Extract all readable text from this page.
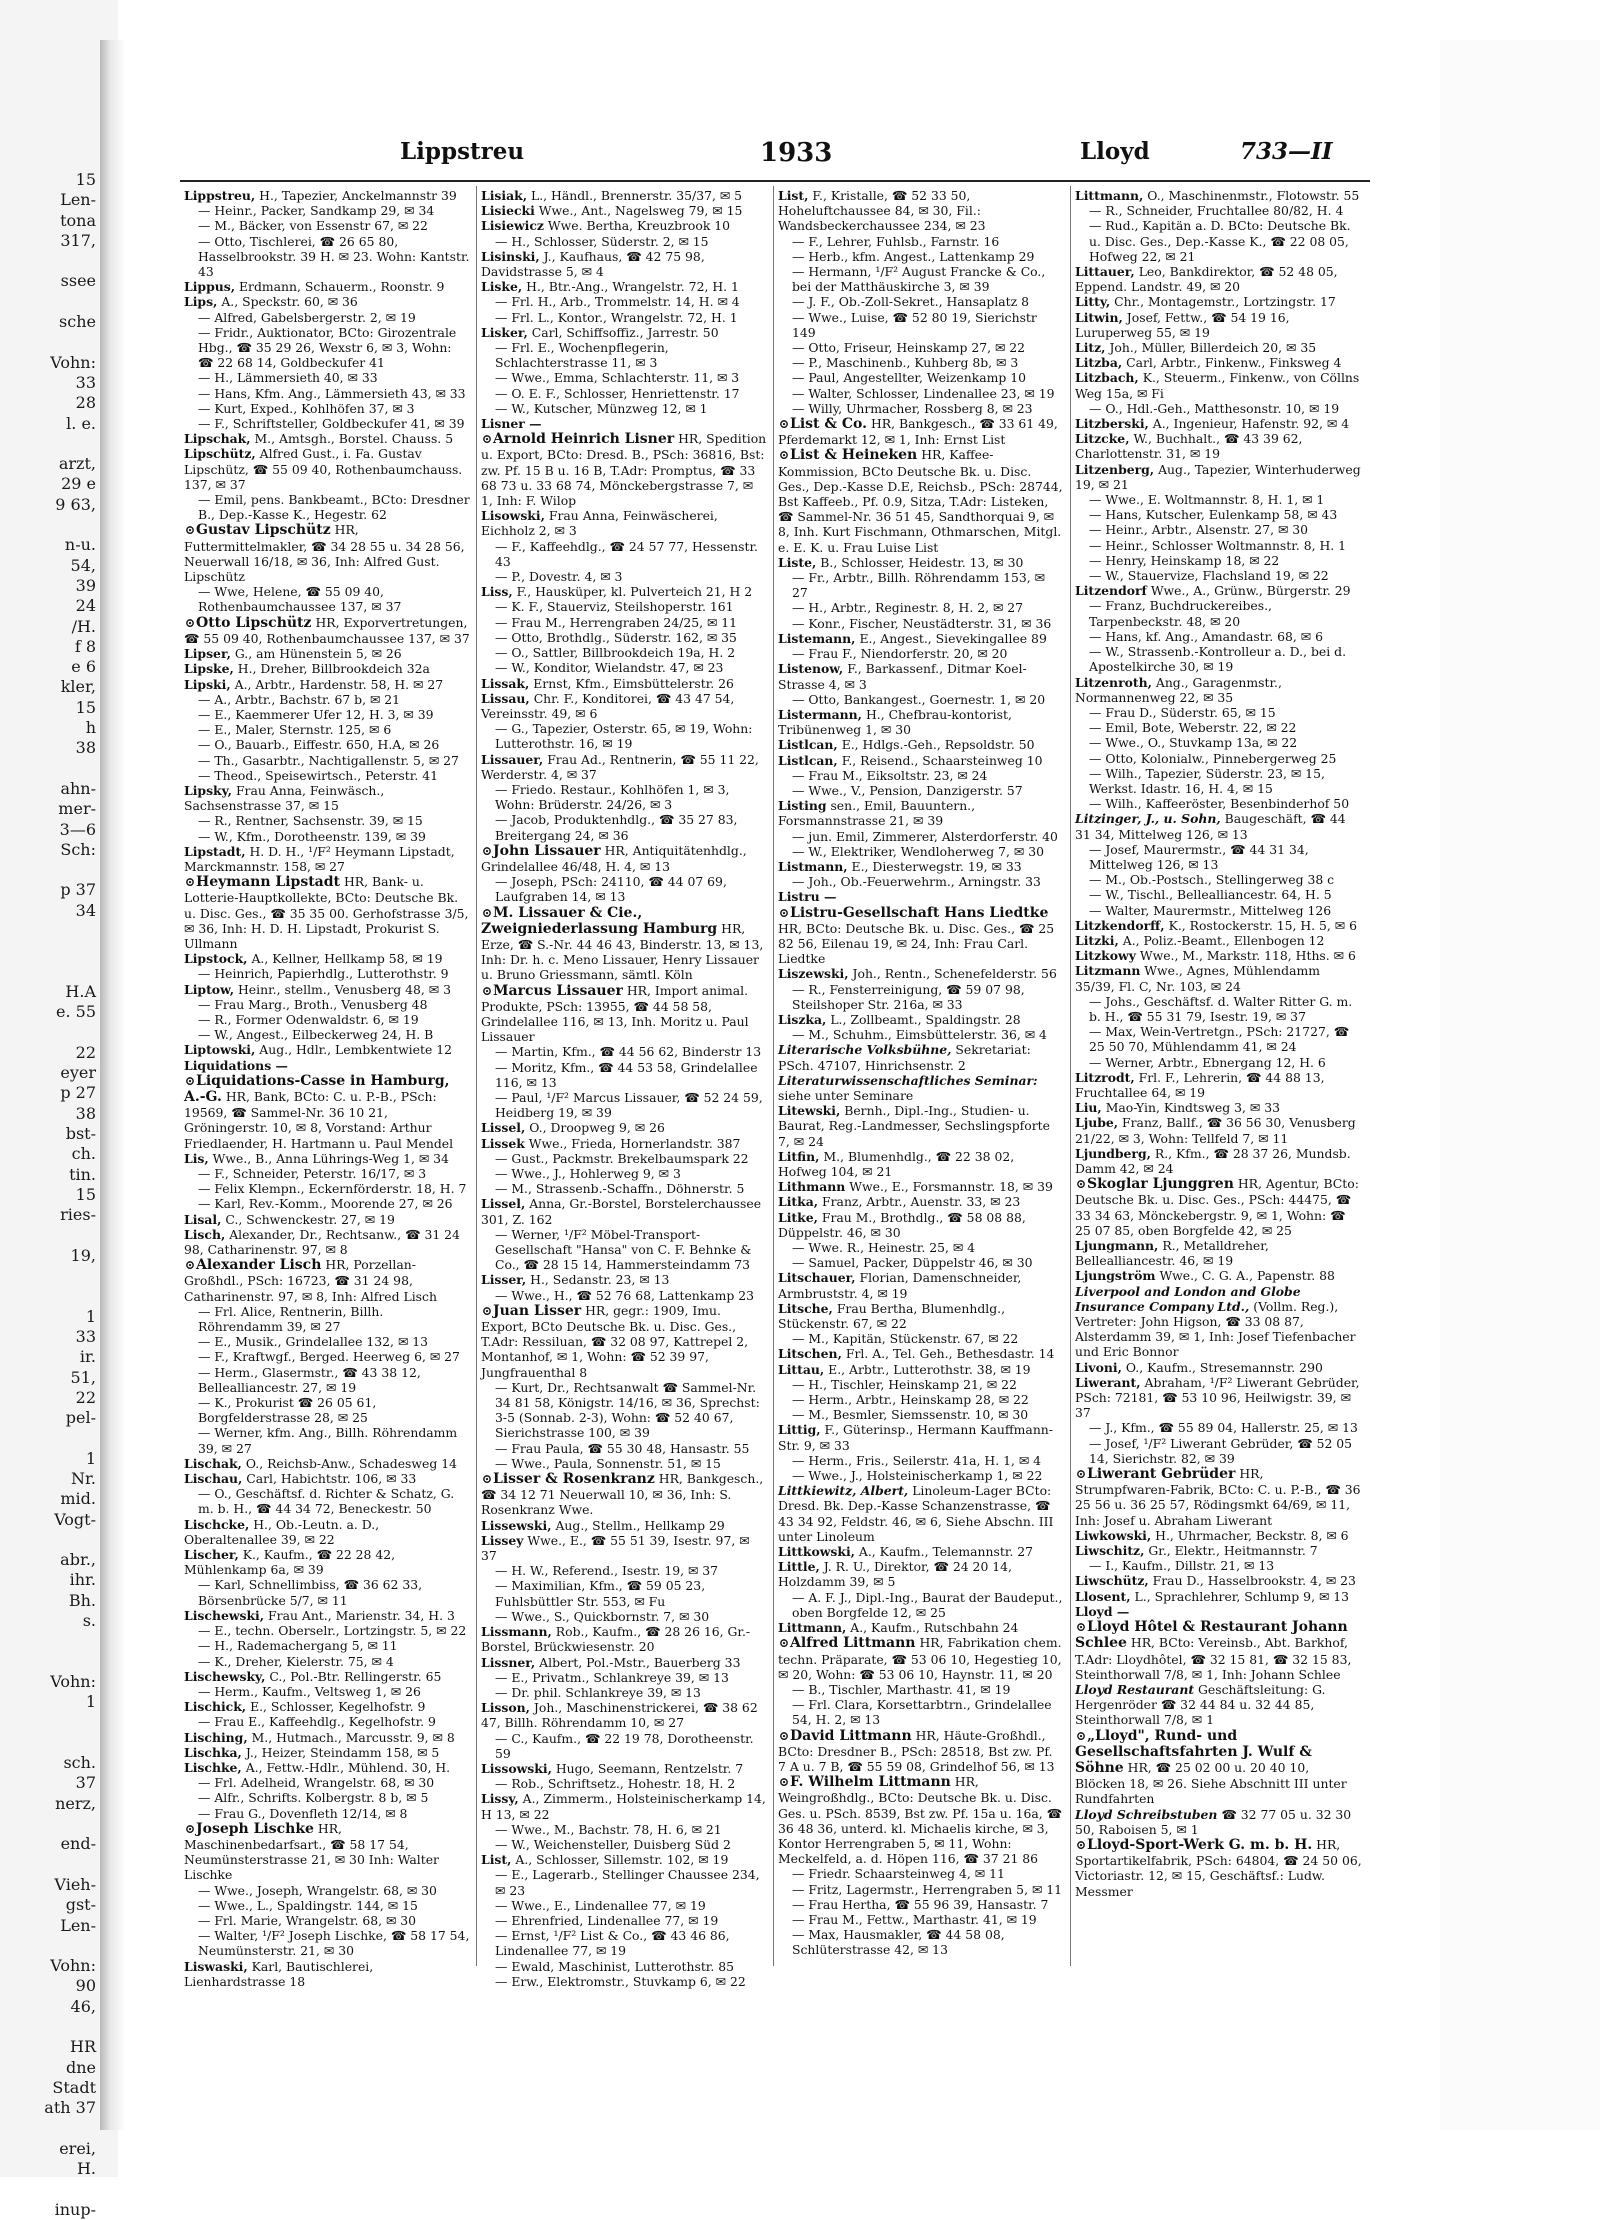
15
Len-
tona
317,

ssee

sche

Vohn:
33
28
l. e.

arzt,
29 e
9 63,

n-u.
54,
39
24
/H.
f 8
e 6
kler,
15
h
38

ahn-
mer-
3—6
Sch:

p 37
34

H.A
e. 55

22
eyer
p 27
38
bst-
ch.
tin.
15
ries-

19,

1
33
ir.
51,
22
pel-

1
Nr.
mid.
Vogt-

abr.,
ihr.
Bh.
s.

Vohn:
1

sch.
37
nerz,

end-

Vieh-
gst-
Len-

Vohn:
90
46,

HR
dne
Stadt
ath 37

erei,
H.

inup-
Lippstreu	1933	Lloyd	733—II

Lippstreu, H., Tapezier, Anckelmannstr 39

— Heinr., Packer, Sandkamp 29, ✉ 34

— M., Bäcker, von Essenstr 67, ✉ 22

— Otto, Tischlerei, ☎ 26 65 80, Hasselbrookstr. 39 H. ✉ 23. Wohn: Kantstr. 43

Lippus, Erdmann, Schauerm., Roonstr. 9

Lips, A., Speckstr. 60, ✉ 36

— Alfred, Gabelsbergerstr. 2, ✉ 19

— Fridr., Auktionator, BCto: Girozentrale Hbg., ☎ 35 29 26, Wexstr 6, ✉ 3, Wohn: ☎ 22 68 14, Goldbeckufer 41

— H., Lämmersieth 40, ✉ 33

— Hans, Kfm. Ang., Lämmersieth 43, ✉ 33

— Kurt, Exped., Kohlhöfen 37, ✉ 3

— F., Schriftsteller, Goldbeckufer 41, ✉ 39

Lipschak, M., Amtsgh., Borstel. Chauss. 5

Lipschütz, Alfred Gust., i. Fa. Gustav Lipschütz, ☎ 55 09 40, Rothenbaumchauss. 137, ✉ 37

— Emil, pens. Bankbeamt., BCto: Dresdner B., Dep.-Kasse K., Hegestr. 62

⊙Gustav Lipschütz HR, Futtermittelmakler, ☎ 34 28 55 u. 34 28 56, Neuerwall 16/18, ✉ 36, Inh: Alfred Gust. Lipschütz

— Wwe, Helene, ☎ 55 09 40, Rothenbaumchaussee 137, ✉ 37

⊙Otto Lipschütz HR, Exporvertretungen, ☎ 55 09 40, Rothenbaumchaussee 137, ✉ 37

Lipser, G., am Hünenstein 5, ✉ 26

Lipske, H., Dreher, Billbrookdeich 32a

Lipski, A., Arbtr., Hardenstr. 58, H. ✉ 27

— A., Arbtr., Bachstr. 67 b, ✉ 21

— E., Kaemmerer Ufer 12, H. 3, ✉ 39

— E., Maler, Sternstr. 125, ✉ 6

— O., Bauarb., Eiffestr. 650, H.A, ✉ 26

— Th., Gasarbtr., Nachtigallenstr. 5, ✉ 27

— Theod., Speisewirtsch., Peterstr. 41

Lipsky, Frau Anna, Feinwäsch., Sachsenstrasse 37, ✉ 15

— R., Rentner, Sachsenstr. 39, ✉ 15

— W., Kfm., Dorotheenstr. 139, ✉ 39

Lipstadt, H. D. H., ¹/F² Heymann Lipstadt, Marckmannstr. 158, ✉ 27

⊙Heymann Lipstadt HR, Bank- u. Lotterie-Hauptkollekte, BCto: Deutsche Bk. u. Disc. Ges., ☎ 35 35 00. Gerhofstrasse 3/5, ✉ 36, Inh: H. D. H. Lipstadt, Prokurist S. Ullmann

Lipstock, A., Kellner, Hellkamp 58, ✉ 19

— Heinrich, Papierhdlg., Lutterothstr. 9

Liptow, Heinr., stellm., Venusberg 48, ✉ 3

— Frau Marg., Broth., Venusberg 48

— R., Former Odenwaldstr. 6, ✉ 19

— W., Angest., Eilbeckerweg 24, H. B

Liptowski, Aug., Hdlr., Lembkentwiete 12

Liquidations —

⊙Liquidations-Casse in Hamburg, A.-G. HR, Bank, BCto: C. u. P.-B., PSch: 19569, ☎ Sammel-Nr. 36 10 21, Gröningerstr. 10, ✉ 8, Vorstand: Arthur Friedlaender, H. Hartmann u. Paul Mendel

Lis, Wwe., B., Anna Lührings-Weg 1, ✉ 34

— F., Schneider, Peterstr. 16/17, ✉ 3

— Felix Klempn., Eckernförderstr. 18, H. 7

— Karl, Rev.-Komm., Moorende 27, ✉ 26

Lisal, C., Schwenckestr. 27, ✉ 19

Lisch, Alexander, Dr., Rechtsanw., ☎ 31 24 98, Catharinenstr. 97, ✉ 8

⊙Alexander Lisch HR, Porzellan-Großhdl., PSch: 16723, ☎ 31 24 98, Catharinenstr. 97, ✉ 8, Inh: Alfred Lisch

— Frl. Alice, Rentnerin, Billh. Röhrendamm 39, ✉ 27

— E., Musik., Grindelallee 132, ✉ 13

— F., Kraftwgf., Berged. Heerweg 6, ✉ 27

— Herm., Glasermstr., ☎ 43 38 12, Bellealliancestr. 27, ✉ 19

— K., Prokurist ☎ 26 05 61, Borgfelderstrasse 28, ✉ 25

— Werner, kfm. Ang., Billh. Röhrendamm 39, ✉ 27

Lischak, O., Reichsb-Anw., Schadesweg 14

Lischau, Carl, Habichtstr. 106, ✉ 33

— O., Geschäftsf. d. Richter & Schatz, G. m. b. H., ☎ 44 34 72, Beneckestr. 50

Lischcke, H., Ob.-Leutn. a. D., Oberaltenallee 39, ✉ 22

Lischer, K., Kaufm., ☎ 22 28 42, Mühlenkamp 6a, ✉ 39

— Karl, Schnellimbiss, ☎ 36 62 33, Börsenbrücke 5/7, ✉ 11

Lischewski, Frau Ant., Marienstr. 34, H. 3

— E., techn. Oberselr., Lortzingstr. 5, ✉ 22

— H., Rademachergang 5, ✉ 11

— K., Dreher, Kielerstr. 75, ✉ 4

Lischewsky, C., Pol.-Btr. Rellingerstr. 65

— Herm., Kaufm., Veltsweg 1, ✉ 26

Lischick, E., Schlosser, Kegelhofstr. 9

— Frau E., Kaffeehdlg., Kegelhofstr. 9

Lisching, M., Hutmach., Marcusstr. 9, ✉ 8

Lischka, J., Heizer, Steindamm 158, ✉ 5

Lischke, A., Fettw.-Hdlr., Mühlend. 30, H.

— Frl. Adelheid, Wrangelstr. 68, ✉ 30

— Alfr., Schrifts. Kolbergstr. 8 b, ✉ 5

— Frau G., Dovenfleth 12/14, ✉ 8

⊙Joseph Lischke HR, Maschinenbedarfsart., ☎ 58 17 54, Neumünsterstrasse 21, ✉ 30 Inh: Walter Lischke

— Wwe., Joseph, Wrangelstr. 68, ✉ 30

— Wwe., L., Spaldingstr. 144, ✉ 15

— Frl. Marie, Wrangelstr. 68, ✉ 30

— Walter, ¹/F² Joseph Lischke, ☎ 58 17 54, Neumünsterstr. 21, ✉ 30

Liswaski, Karl, Bautischlerei, Lienhardstrasse 18

Lisiak, L., Händl., Brennerstr. 35/37, ✉ 5

Lisiecki Wwe., Ant., Nagelsweg 79, ✉ 15

Lisiewicz Wwe. Bertha, Kreuzbrook 10

— H., Schlosser, Süderstr. 2, ✉ 15

Lisinski, J., Kaufhaus, ☎ 42 75 98, Davidstrasse 5, ✉ 4

Liske, H., Btr.-Ang., Wrangelstr. 72, H. 1

— Frl. H., Arb., Trommelstr. 14, H. ✉ 4

— Frl. L., Kontor., Wrangelstr. 72, H. 1

Lisker, Carl, Schiffsoffiz., Jarrestr. 50

— Frl. E., Wochenpflegerin, Schlachterstrasse 11, ✉ 3

— Wwe., Emma, Schlachterstr. 11, ✉ 3

— O. E. F., Schlosser, Henriettenstr. 17

— W., Kutscher, Münzweg 12, ✉ 1

Lisner —

⊙Arnold Heinrich Lisner HR, Spedition u. Export, BCto: Dresd. B., PSch: 36816, Bst: zw. Pf. 15 B u. 16 B, T.Adr: Promptus, ☎ 33 68 73 u. 33 68 74, Mönckebergstrasse 7, ✉ 1, Inh: F. Wilop

Lisowski, Frau Anna, Feinwäscherei, Eichholz 2, ✉ 3

— F., Kaffeehdlg., ☎ 24 57 77, Hessenstr. 43

— P., Dovestr. 4, ✉ 3

Liss, F., Hausküper, kl. Pulverteich 21, H 2

— K. F., Stauerviz, Steilshoperstr. 161

— Frau M., Herrengraben 24/25, ✉ 11

— Otto, Brothdlg., Süderstr. 162, ✉ 35

— O., Sattler, Billbrookdeich 19a, H. 2

— W., Konditor, Wielandstr. 47, ✉ 23

Lissak, Ernst, Kfm., Eimsbüttelerstr. 26

Lissau, Chr. F., Konditorei, ☎ 43 47 54, Vereinsstr. 49, ✉ 6

— G., Tapezier, Osterstr. 65, ✉ 19, Wohn: Lutterothstr. 16, ✉ 19

Lissauer, Frau Ad., Rentnerin, ☎ 55 11 22, Werderstr. 4, ✉ 37

— Friedo. Restaur., Kohlhöfen 1, ✉ 3, Wohn: Brüderstr. 24/26, ✉ 3

— Jacob, Produktenhdlg., ☎ 35 27 83, Breitergang 24, ✉ 36

⊙John Lissauer HR, Antiquitätenhdlg., Grindelallee 46/48, H. 4, ✉ 13

— Joseph, PSch: 24110, ☎ 44 07 69, Laufgraben 14, ✉ 13

⊙M. Lissauer & Cie., Zweigniederlassung Hamburg HR, Erze, ☎ S.-Nr. 44 46 43, Binderstr. 13, ✉ 13, Inh: Dr. h. c. Meno Lissauer, Henry Lissauer u. Bruno Griessmann, sämtl. Köln

⊙Marcus Lissauer HR, Import animal. Produkte, PSch: 13955, ☎ 44 58 58, Grindelallee 116, ✉ 13, Inh. Moritz u. Paul Lissauer

— Martin, Kfm., ☎ 44 56 62, Binderstr 13

— Moritz, Kfm., ☎ 44 53 58, Grindelallee 116, ✉ 13

— Paul, ¹/F² Marcus Lissauer, ☎ 52 24 59, Heidberg 19, ✉ 39

Lissel, O., Droopweg 9, ✉ 26

Lissek Wwe., Frieda, Hornerlandstr. 387

— Gust., Packmstr. Brekelbaumspark 22

— Wwe., J., Hohlerweg 9, ✉ 3

— M., Strassenb.-Schaffn., Döhnerstr. 5

Lissel, Anna, Gr.-Borstel, Borstelerchaussee 301, Z. 162

— Werner, ¹/F² Möbel-Transport-Gesellschaft "Hansa" von C. F. Behnke & Co., ☎ 28 15 14, Hammersteindamm 73

Lisser, H., Sedanstr. 23, ✉ 13

— Wwe., H., ☎ 52 76 68, Lattenkamp 23

⊙Juan Lisser HR, gegr.: 1909, Imu. Export, BCto Deutsche Bk. u. Disc. Ges., T.Adr: Ressiluan, ☎ 32 08 97, Kattrepel 2, Montanhof, ✉ 1, Wohn: ☎ 52 39 97, Jungfrauenthal 8

— Kurt, Dr., Rechtsanwalt ☎ Sammel-Nr. 34 81 58, Königstr. 14/16, ✉ 36, Sprechst: 3-5 (Sonnab. 2-3), Wohn: ☎ 52 40 67, Sierichstrasse 100, ✉ 39

— Frau Paula, ☎ 55 30 48, Hansastr. 55

— Wwe., Paula, Sonnenstr. 51, ✉ 15

⊙Lisser & Rosenkranz HR, Bankgesch., ☎ 34 12 71 Neuerwall 10, ✉ 36, Inh: S. Rosenkranz Wwe.

Lissewski, Aug., Stellm., Hellkamp 29

Lissey Wwe., E., ☎ 55 51 39, Isestr. 97, ✉ 37

— H. W., Referend., Isestr. 19, ✉ 37

— Maximilian, Kfm., ☎ 59 05 23, Fuhlsbüttler Str. 553, ✉ Fu

— Wwe., S., Quickbornstr. 7, ✉ 30

Lissmann, Rob., Kaufm., ☎ 28 26 16, Gr.-Borstel, Brückwiesenstr. 20

Lissner, Albert, Pol.-Mstr., Bauerberg 33

— E., Privatm., Schlankreye 39, ✉ 13

— Dr. phil. Schlankreye 39, ✉ 13

Lisson, Joh., Maschinenstrickerei, ☎ 38 62 47, Billh. Röhrendamm 10, ✉ 27

— C., Kaufm., ☎ 22 19 78, Dorotheenstr. 59

Lissowski, Hugo, Seemann, Rentzelstr. 7

— Rob., Schriftsetz., Hohestr. 18, H. 2

Lissy, A., Zimmerm., Holsteinischerkamp 14, H 13, ✉ 22

— Wwe., M., Bachstr. 78, H. 6, ✉ 21

— W., Weichensteller, Duisberg Süd 2

List, A., Schlosser, Sillemstr. 102, ✉ 19

— E., Lagerarb., Stellinger Chaussee 234, ✉ 23

— Wwe., E., Lindenallee 77, ✉ 19

— Ehrenfried, Lindenallee 77, ✉ 19

— Ernst, ¹/F² List & Co., ☎ 43 46 86, Lindenallee 77, ✉ 19

— Ewald, Maschinist, Lutterothstr. 85

— Erw., Elektromstr., Stuvkamp 6, ✉ 22

List, F., Kristalle, ☎ 52 33 50, Hoheluftchaussee 84, ✉ 30, Fil.: Wandsbeckerchaussee 234, ✉ 23

— F., Lehrer, Fuhlsb., Farnstr. 16

— Herb., kfm. Angest., Lattenkamp 29

— Hermann, ¹/F² August Francke & Co., bei der Matthäuskirche 3, ✉ 39

— J. F., Ob.-Zoll-Sekret., Hansaplatz 8

— Wwe., Luise, ☎ 52 80 19, Sierichstr 149

— Otto, Friseur, Heinskamp 27, ✉ 22

— P., Maschinenb., Kuhberg 8b, ✉ 3

— Paul, Angestellter, Weizenkamp 10

— Walter, Schlosser, Lindenallee 23, ✉ 19

— Willy, Uhrmacher, Rossberg 8, ✉ 23

⊙List & Co. HR, Bankgesch., ☎ 33 61 49, Pferdemarkt 12, ✉ 1, Inh: Ernst List

⊙List & Heineken HR, Kaffee-Kommission, BCto Deutsche Bk. u. Disc. Ges., Dep.-Kasse D.E, Reichsb., PSch: 28744, Bst Kaffeeb., Pf. 0.9, Sitza, T.Adr: Listeken, ☎ Sammel-Nr. 36 51 45, Sandthorquai 9, ✉ 8, Inh. Kurt Fischmann, Othmarschen, Mitgl. e. E. K. u. Frau Luise List

Liste, B., Schlosser, Heidestr. 13, ✉ 30

— Fr., Arbtr., Billh. Röhrendamm 153, ✉ 27

— H., Arbtr., Reginestr. 8, H. 2, ✉ 27

— Konr., Fischer, Neustädterstr. 31, ✉ 36

Listemann, E., Angest., Sievekingallee 89

— Frau F., Niendorferstr. 20, ✉ 20

Listenow, F., Barkassenf., Ditmar Koel-Strasse 4, ✉ 3

— Otto, Bankangest., Goernestr. 1, ✉ 20

Listermann, H., Chefbrau-kontorist, Tribünenweg 1, ✉ 30

Listlcan, E., Hdlgs.-Geh., Repsoldstr. 50

Listlcan, F., Reisend., Schaarsteinweg 10

— Frau M., Eiksoltstr. 23, ✉ 24

— Wwe., V., Pension, Danzigerstr. 57

Listing sen., Emil, Bauuntern., Forsmannstrasse 21, ✉ 39

— jun. Emil, Zimmerer, Alsterdorferstr. 40

— W., Elektriker, Wendloherweg 7, ✉ 30

Listmann, E., Diesterwegstr. 19, ✉ 33

— Joh., Ob.-Feuerwehrm., Arningstr. 33

Listru —

⊙Listru-Gesellschaft Hans Liedtke HR, BCto: Deutsche Bk. u. Disc. Ges., ☎ 25 82 56, Eilenau 19, ✉ 24, Inh: Frau Carl. Liedtke

Liszewski, Joh., Rentn., Schenefelderstr. 56

— R., Fensterreinigung, ☎ 59 07 98, Steilshoper Str. 216a, ✉ 33

Liszka, L., Zollbeamt., Spaldingstr. 28

— M., Schuhm., Eimsbüttelerstr. 36, ✉ 4

Literarische Volksbühne, Sekretariat: PSch. 47107, Hinrichsenstr. 2

Literaturwissenschaftliches Seminar: siehe unter Seminare

Litewski, Bernh., Dipl.-Ing., Studien- u. Baurat, Reg.-Landmesser, Sechslingspforte 7, ✉ 24

Litfin, M., Blumenhdlg., ☎ 22 38 02, Hofweg 104, ✉ 21

Lithmann Wwe., E., Forsmannstr. 18, ✉ 39

Litka, Franz, Arbtr., Auenstr. 33, ✉ 23

Litke, Frau M., Brothdlg., ☎ 58 08 88, Düppelstr. 46, ✉ 30

— Wwe. R., Heinestr. 25, ✉ 4

— Samuel, Packer, Düppelstr 46, ✉ 30

Litschauer, Florian, Damenschneider, Armbruststr. 4, ✉ 19

Litsche, Frau Bertha, Blumenhdlg., Stückenstr. 67, ✉ 22

— M., Kapitän, Stückenstr. 67, ✉ 22

Litschen, Frl. A., Tel. Geh., Bethesdastr. 14

Littau, E., Arbtr., Lutterothstr. 38, ✉ 19

— H., Tischler, Heinskamp 21, ✉ 22

— Herm., Arbtr., Heinskamp 28, ✉ 22

— M., Besmler, Siemssenstr. 10, ✉ 30

Littig, F., Güterinsp., Hermann Kauffmann-Str. 9, ✉ 33

— Herm., Fris., Seilerstr. 41a, H. 1, ✉ 4

— Wwe., J., Holsteinischerkamp 1, ✉ 22

Littkiewitz, Albert, Linoleum-Lager BCto: Dresd. Bk. Dep.-Kasse Schanzenstrasse, ☎ 43 34 92, Feldstr. 46, ✉ 6, Siehe Abschn. III unter Linoleum

Littkowski, A., Kaufm., Telemannstr. 27

Little, J. R. U., Direktor, ☎ 24 20 14, Holzdamm 39, ✉ 5

— A. F. J., Dipl.-Ing., Baurat der Baudeput., oben Borgfelde 12, ✉ 25

Littmann, A., Kaufm., Rutschbahn 24

⊙Alfred Littmann HR, Fabrikation chem. techn. Präparate, ☎ 53 06 10, Hegestieg 10, ✉ 20, Wohn: ☎ 53 06 10, Haynstr. 11, ✉ 20

— B., Tischler, Marthastr. 41, ✉ 19

— Frl. Clara, Korsettarbtrn., Grindelallee 54, H. 2, ✉ 13

⊙David Littmann HR, Häute-Großhdl., BCto: Dresdner B., PSch: 28518, Bst zw. Pf. 7 A u. 7 B, ☎ 55 59 08, Grindelhof 56, ✉ 13

⊙F. Wilhelm Littmann HR, Weingroßhdlg., BCto: Deutsche Bk. u. Disc. Ges. u. PSch. 8539, Bst zw. Pf. 15a u. 16a, ☎ 36 48 36, unterd. kl. Michaelis kirche, ✉ 3, Kontor Herrengraben 5, ✉ 11, Wohn: Meckelfeld, a. d. Höpen 116, ☎ 37 21 86

— Friedr. Schaarsteinweg 4, ✉ 11

— Fritz, Lagermstr., Herrengraben 5, ✉ 11

— Frau Hertha, ☎ 55 96 39, Hansastr. 7

— Frau M., Fettw., Marthastr. 41, ✉ 19

— Max, Hausmakler, ☎ 44 58 08, Schlüterstrasse 42, ✉ 13

Littmann, O., Maschinenmstr., Flotowstr. 55

— R., Schneider, Fruchtallee 80/82, H. 4

— Rud., Kapitän a. D. BCto: Deutsche Bk. u. Disc. Ges., Dep.-Kasse K., ☎ 22 08 05, Hofweg 22, ✉ 21

Littauer, Leo, Bankdirektor, ☎ 52 48 05, Eppend. Landstr. 49, ✉ 20

Litty, Chr., Montagemstr., Lortzingstr. 17

Litwin, Josef, Fettw., ☎ 54 19 16, Luruperweg 55, ✉ 19

Litz, Joh., Müller, Billerdeich 20, ✉ 35

Litzba, Carl, Arbtr., Finkenw., Finksweg 4

Litzbach, K., Steuerm., Finkenw., von Cöllns Weg 15a, ✉ Fi

— O., Hdl.-Geh., Matthesonstr. 10, ✉ 19

Litzberski, A., Ingenieur, Hafenstr. 92, ✉ 4

Litzcke, W., Buchhalt., ☎ 43 39 62, Charlottenstr. 31, ✉ 19

Litzenberg, Aug., Tapezier, Winterhuderweg 19, ✉ 21

— Wwe., E. Woltmannstr. 8, H. 1, ✉ 1

— Hans, Kutscher, Eulenkamp 58, ✉ 43

— Heinr., Arbtr., Alsenstr. 27, ✉ 30

— Heinr., Schlosser Woltmannstr. 8, H. 1

— Henry, Heinskamp 18, ✉ 22

— W., Stauervize, Flachsland 19, ✉ 22

Litzendorf Wwe., A., Grünw., Bürgerstr. 29

— Franz, Buchdruckereibes., Tarpenbeckstr. 48, ✉ 20

— Hans, kf. Ang., Amandastr. 68, ✉ 6

— W., Strassenb.-Kontrolleur a. D., bei d. Apostelkirche 30, ✉ 19

Litzenroth, Ang., Garagenmstr., Normannenweg 22, ✉ 35

— Frau D., Süderstr. 65, ✉ 15

— Emil, Bote, Weberstr. 22, ✉ 22

— Wwe., O., Stuvkamp 13a, ✉ 22

— Otto, Kolonialw., Pinnebergerweg 25

— Wilh., Tapezier, Süderstr. 23, ✉ 15, Werkst. Idastr. 16, H. 4, ✉ 15

— Wilh., Kaffeeröster, Besenbinderhof 50

Litzinger, J., u. Sohn, Baugeschäft, ☎ 44 31 34, Mittelweg 126, ✉ 13

— Josef, Maurermstr., ☎ 44 31 34, Mittelweg 126, ✉ 13

— M., Ob.-Postsch., Stellingerweg 38 c

— W., Tischl., Bellealliancestr. 64, H. 5

— Walter, Maurermstr., Mittelweg 126

Litzkendorff, K., Rostockerstr. 15, H. 5, ✉ 6

Litzki, A., Poliz.-Beamt., Ellenbogen 12

Litzkowy Wwe., M., Markstr. 118, Hths. ✉ 6

Litzmann Wwe., Agnes, Mühlendamm 35/39, Fl. C, Nr. 103, ✉ 24

— Johs., Geschäftsf. d. Walter Ritter G. m. b. H., ☎ 55 31 79, Isestr. 19, ✉ 37

— Max, Wein-Vertretgn., PSch: 21727, ☎ 25 50 70, Mühlendamm 41, ✉ 24

— Werner, Arbtr., Ebnergang 12, H. 6

Litzrodt, Frl. F., Lehrerin, ☎ 44 88 13, Fruchtallee 64, ✉ 19

Liu, Mao-Yin, Kindtsweg 3, ✉ 33

Ljube, Franz, Ballf., ☎ 36 56 30, Venusberg 21/22, ✉ 3, Wohn: Tellfeld 7, ✉ 11

Ljundberg, R., Kfm., ☎ 28 37 26, Mundsb. Damm 42, ✉ 24

⊙Skoglar Ljunggren HR, Agentur, BCto: Deutsche Bk. u. Disc. Ges., PSch: 44475, ☎ 33 34 63, Mönckebergstr. 9, ✉ 1, Wohn: ☎ 25 07 85, oben Borgfelde 42, ✉ 25

Ljungmann, R., Metalldreher, Bellealliancestr. 46, ✉ 19

Ljungström Wwe., C. G. A., Papenstr. 88

Liverpool and London and Globe Insurance Company Ltd., (Vollm. Reg.), Vertreter: John Higson, ☎ 33 08 87, Alsterdamm 39, ✉ 1, Inh: Josef Tiefenbacher und Eric Bonnor

Livoni, O., Kaufm., Stresemannstr. 290

Liwerant, Abraham, ¹/F² Liwerant Gebrüder, PSch: 72181, ☎ 53 10 96, Heilwigstr. 39, ✉ 37

— J., Kfm., ☎ 55 89 04, Hallerstr. 25, ✉ 13

— Josef, ¹/F² Liwerant Gebrüder, ☎ 52 05 14, Sierichstr. 82, ✉ 39

⊙Liwerant Gebrüder HR, Strumpfwaren-Fabrik, BCto: C. u. P.-B., ☎ 36 25 56 u. 36 25 57, Rödingsmkt 64/69, ✉ 11, Inh: Josef u. Abraham Liwerant

Liwkowski, H., Uhrmacher, Beckstr. 8, ✉ 6

Liwschitz, Gr., Elektr., Heitmannstr. 7

— I., Kaufm., Dillstr. 21, ✉ 13

Liwschütz, Frau D., Hasselbrookstr. 4, ✉ 23

Llosent, L., Sprachlehrer, Schlump 9, ✉ 13

Lloyd —

⊙Lloyd Hôtel & Restaurant Johann Schlee HR, BCto: Vereinsb., Abt. Barkhof, T.Adr: Lloydhôtel, ☎ 32 15 81, ☎ 32 15 83, Steinthorwall 7/8, ✉ 1, Inh: Johann Schlee

Lloyd Restaurant Geschäftsleitung: G. Hergenröder ☎ 32 44 84 u. 32 44 85, Steinthorwall 7/8, ✉ 1

⊙„Lloyd", Rund- und Gesellschaftsfahrten J. Wulf & Söhne HR, ☎ 25 02 00 u. 20 40 10, Blöcken 18, ✉ 26. Siehe Abschnitt III unter Rundfahrten

Lloyd Schreibstuben ☎ 32 77 05 u. 32 30 50, Raboisen 5, ✉ 1

⊙Lloyd-Sport-Werk G. m. b. H. HR, Sportartikelfabrik, PSch: 64804, ☎ 24 50 06, Victoriastr. 12, ✉ 15, Geschäftsf.: Ludw. Messmer
